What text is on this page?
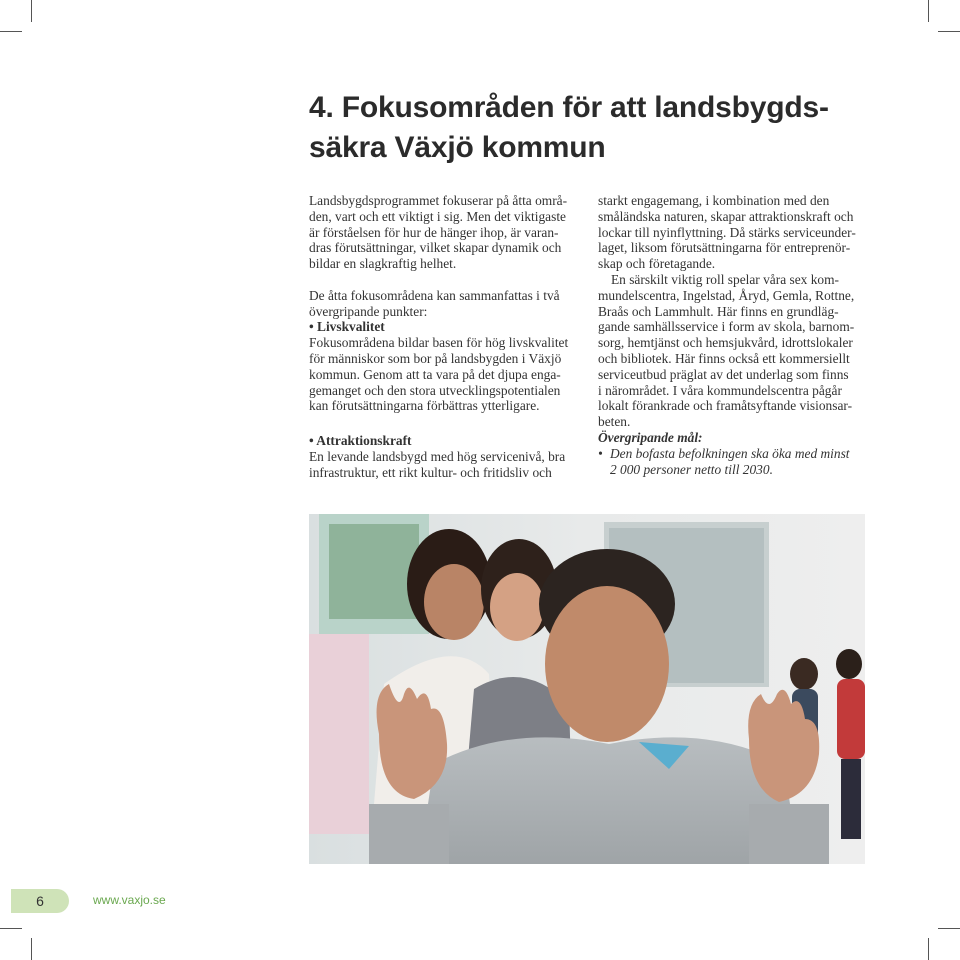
4. Fokusområden för att landsbygds-
säkra Växjö kommun

Landsbygdsprogrammet fokuserar på åtta områ-
den, vart och ett viktigt i sig. Men det viktigaste
är förståelsen för hur de hänger ihop, är varan-
dras förutsättningar, vilket skapar dynamik och
bildar en slagkraftig helhet.

De åtta fokusområdena kan sammanfattas i två
övergripande punkter:

• Livskvalitet

Fokusområdena bildar basen för hög livskvalitet
för människor som bor på landsbygden i Växjö
kommun. Genom att ta vara på det djupa enga-
gemanget och den stora utvecklingspotentialen
kan förutsättningarna förbättras ytterligare.

• Attraktionskraft

En levande landsbygd med hög servicenivå, bra
infrastruktur, ett rikt kultur- och fritidsliv och

starkt engagemang, i kombination med den
småländska naturen, skapar attraktionskraft och
lockar till nyinflyttning. Då stärks serviceunder-
laget, liksom förutsättningarna för entreprenör-
skap och företagande.

En särskilt viktig roll spelar våra sex kom-
mundelscentra, Ingelstad, Åryd, Gemla, Rottne,
Braås och Lammhult. Här finns en grundläg-
gande samhällsservice i form av skola, barnom-
sorg, hemtjänst och hemsjukvård, idrottslokaler
och bibliotek. Här finns också ett kommersiellt
serviceutbud präglat av det underlag som finns
i närområdet. I våra kommundelscentra pågår
lokalt förankrade och framåtsyftande visionsar-
beten.

Övergripande mål:

• Den bofasta befolkningen ska öka med minst
2 000 personer netto till 2030.

6	www.vaxjo.se
